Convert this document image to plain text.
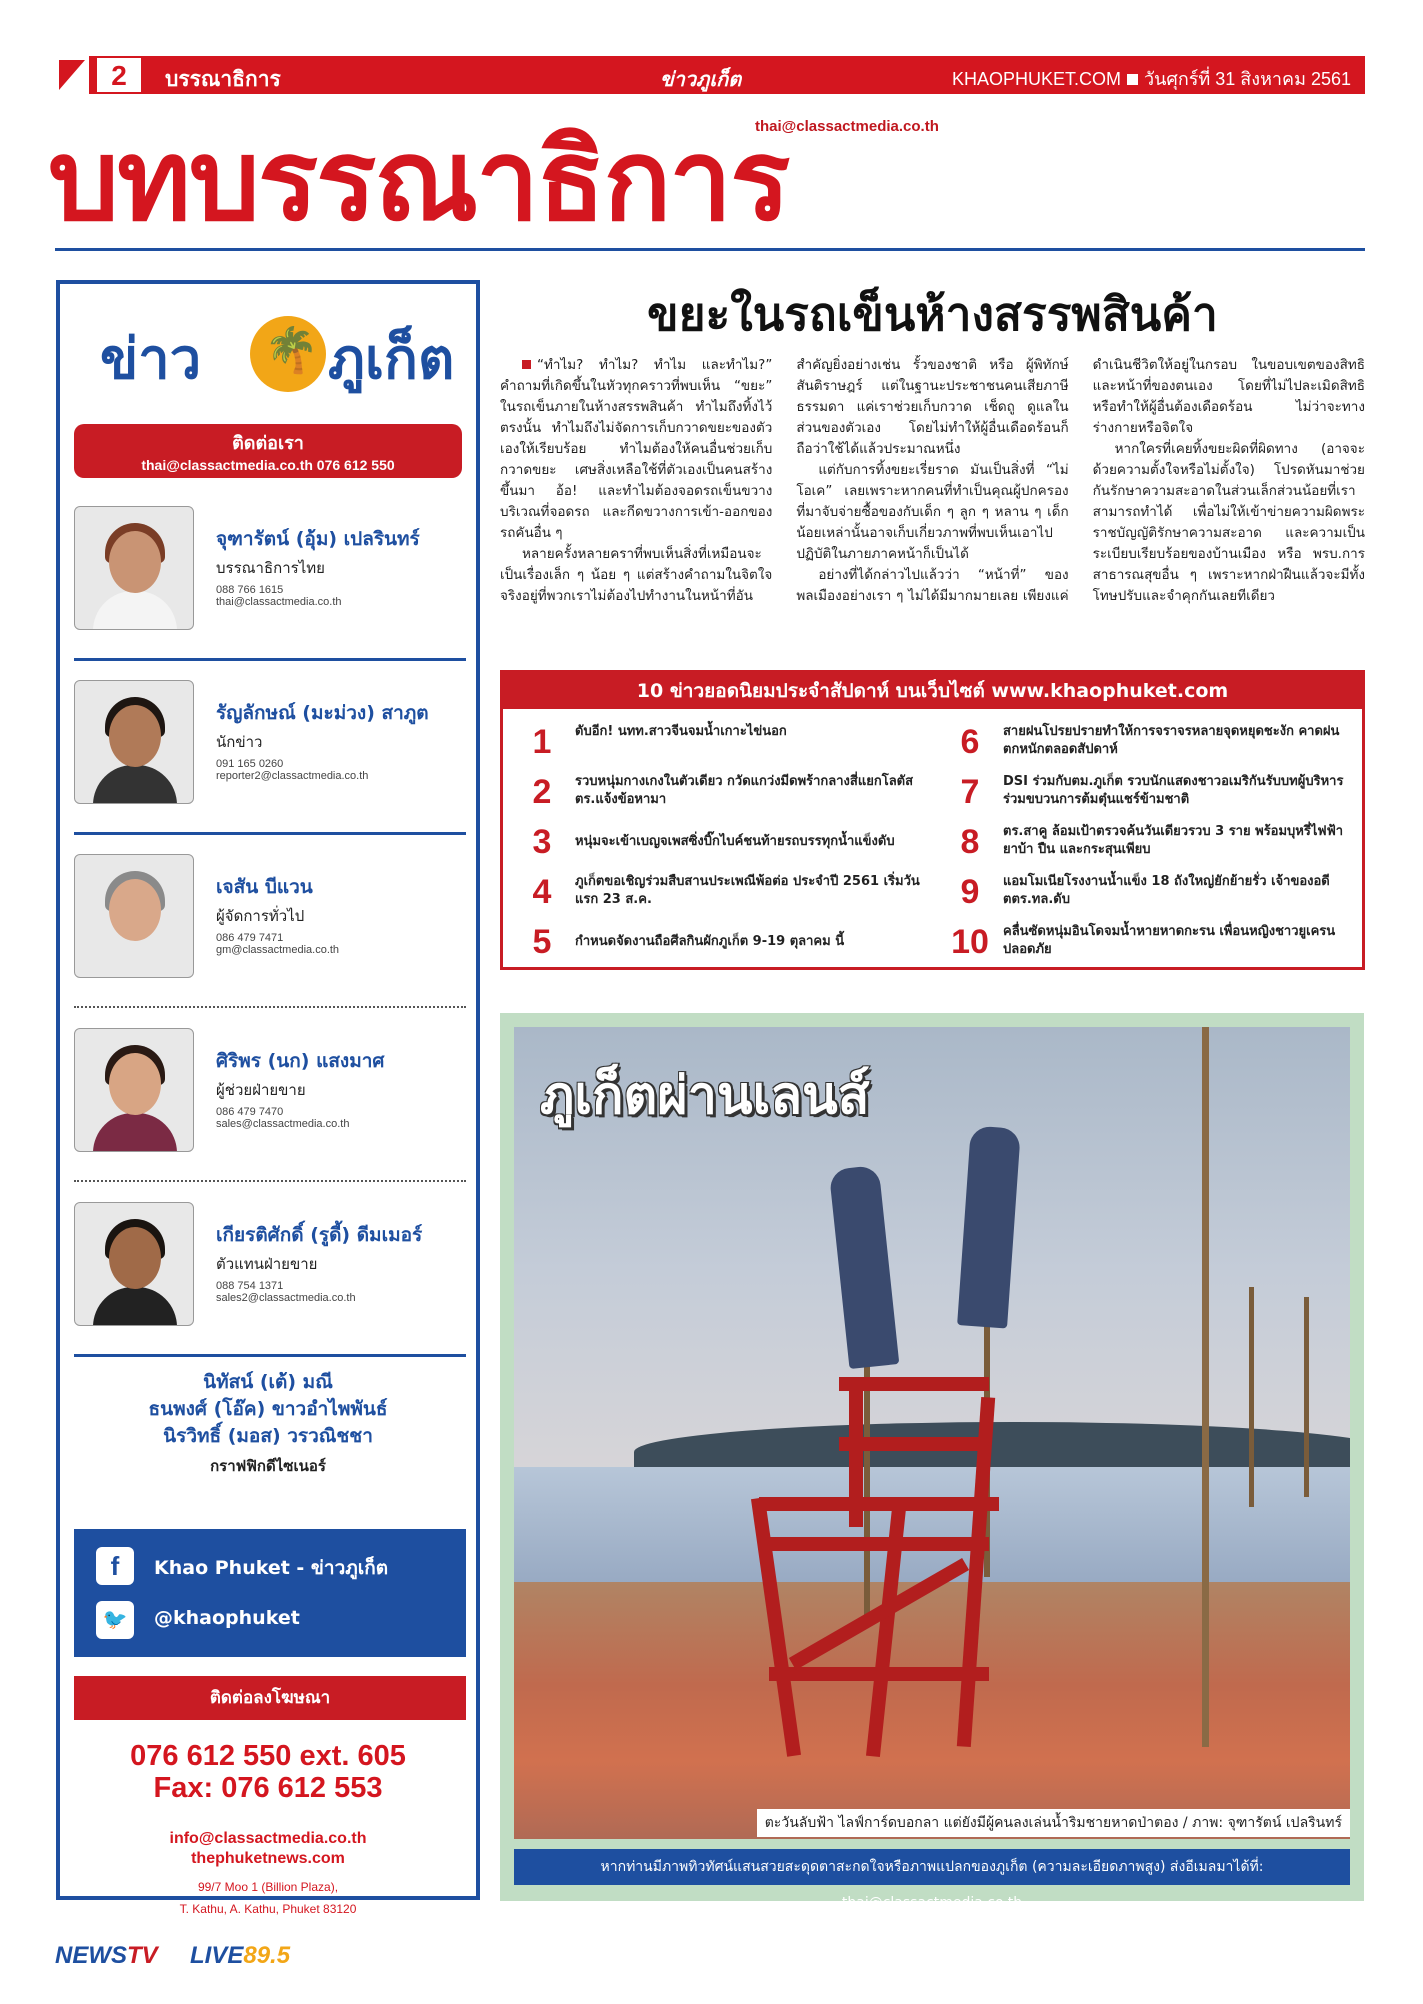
2	บรรณาธิการ	ข่าวภูเก็ต	KHAOPHUKET.COM วันศุกร์ที่ 31 สิงหาคม 2561
thai@classactmedia.co.th
บทบรรณาธิการ
ข่าว
🌴 ภูเก็ต
ติดต่อเรา
thai@classactmedia.co.th 076 612 550
จุฑารัตน์ (อุ้ม) เปลรินทร์
บรรณาธิการไทย
088 766 1615
thai@classactmedia.co.th
รัญลักษณ์ (มะม่วง) สาภูต
นักข่าว
091 165 0260
reporter2@classactmedia.co.th
เจสัน บีแวน
ผู้จัดการทั่วไป
086 479 7471
gm@classactmedia.co.th
ศิริพร (นก) แสงมาศ
ผู้ช่วยฝ่ายขาย
086 479 7470
sales@classactmedia.co.th
เกียรติศักดิ์ (รูดี้) ดีมเมอร์
ตัวแทนฝ่ายขาย
088 754 1371
sales2@classactmedia.co.th
นิทัสน์ (เต้) มณี
ธนพงศ์ (โอ๊ค) ขาวอำไพพันธ์
นิรวิทธิ์ (มอส) วรวณิชชา
กราฟฟิกดีไซเนอร์
f	Khao Phuket - ข่าวภูเก็ต
🐦	@khaophuket
ติดต่อลงโฆษณา
076 612 550 ext. 605
Fax: 076 612 553
info@classactmedia.co.th
thephuketnews.com
99/7 Moo 1 (Billion Plaza),
T. Kathu, A. Kathu, Phuket 83120
ขยะในรถเข็นห้างสรรพสินค้า

“ทำไม? ทำไม? ทำไม และทำไม?” คำถามที่เกิดขึ้นในหัวทุกคราวที่พบเห็น “ขยะ” ในรถเข็นภายในห้างสรรพสินค้า ทำไมถึงทิ้งไว้ตรงนั้น ทำไมถึงไม่จัดการเก็บกวาดขยะของตัวเองให้เรียบร้อย ทำไมต้องให้คนอื่นช่วยเก็บกวาดขยะ เศษสิ่งเหลือใช้ที่ตัวเองเป็นคนสร้างขึ้นมา อ้อ! และทำไมต้องจอดรถเข็นขวางบริเวณที่จอดรถ และกีดขวางการเข้า-ออกของรถคันอื่น ๆ

หลายครั้งหลายคราที่พบเห็นสิ่งที่เหมือนจะเป็นเรื่องเล็ก ๆ น้อย ๆ แต่สร้างคำถามในจิตใจ จริงอยู่ที่พวกเราไม่ต้องไปทำงานในหน้าที่อันสำคัญยิ่งอย่างเช่น รั้วของชาติ หรือ ผู้พิทักษ์สันติราษฎร์ แต่ในฐานะประชาชนคนเสียภาษีธรรมดา แค่เราช่วยเก็บกวาด เช็ดถู ดูแลในส่วนของตัวเอง โดยไม่ทำให้ผู้อื่นเดือดร้อนก็ถือว่าใช้ได้แล้วประมาณหนึ่ง

แต่กับการทิ้งขยะเรี่ยราด มันเป็นสิ่งที่ “ไม่โอเค” เลยเพราะหากคนที่ทำเป็นคุณผู้ปกครองที่มาจับจ่ายซื้อของกับเด็ก ๆ ลูก ๆ หลาน ๆ เด็กน้อยเหล่านั้นอาจเก็บเกี่ยวภาพที่พบเห็นเอาไปปฏิบัติในภายภาคหน้าก็เป็นได้

อย่างที่ได้กล่าวไปแล้วว่า “หน้าที่” ของพลเมืองอย่างเรา ๆ ไม่ได้มีมากมายเลย เพียงแค่ดำเนินชีวิตให้อยู่ในกรอบ ในขอบเขตของสิทธิและหน้าที่ของตนเอง โดยที่ไม่ไปละเมิดสิทธิหรือทำให้ผู้อื่นต้องเดือดร้อน ไม่ว่าจะทางร่างกายหรือจิตใจ

หากใครที่เคยทิ้งขยะผิดที่ผิดทาง (อาจจะด้วยความตั้งใจหรือไม่ตั้งใจ) โปรดหันมาช่วยกันรักษาความสะอาดในส่วนเล็กส่วนน้อยที่เราสามารถทำได้ เพื่อไม่ให้เข้าข่ายความผิดพระราชบัญญัติรักษาความสะอาด และความเป็นระเบียบเรียบร้อยของบ้านเมือง หรือ พรบ.การสาธารณสุขอื่น ๆ เพราะหากฝ่าฝืนแล้วจะมีทั้งโทษปรับและจำคุกกันเลยทีเดียว

10 ข่าวยอดนิยมประจำสัปดาห์ บนเว็บไซต์ www.khaophuket.com
1	ดับอีก! นทท.สาวจีนจมน้ำเกาะไข่นอก
2	รวบหนุ่มกางเกงในตัวเดียว กวัดแกว่งมีดพร้ากลางสี่แยกโลตัส ตร.แจ้งข้อหามา
3	หนุ่มจะเข้าเบญจเพสซิ่งบิ๊กไบค์ชนท้ายรถบรรทุกน้ำแข็งดับ
4	ภูเก็ตขอเชิญร่วมสืบสานประเพณีพ้อต่อ ประจำปี 2561 เริ่มวันแรก 23 ส.ค.
5	กำหนดจัดงานถือศีลกินผักภูเก็ต 9-19 ตุลาคม นี้
6	สายฝนโปรยปรายทำให้การจราจรหลายจุดหยุดชะงัก คาดฝนตกหนักตลอดสัปดาห์
7	DSI ร่วมกับตม.ภูเก็ต รวบนักแสดงชาวอเมริกันรับบทผู้บริหาร ร่วมขบวนการต้มตุ๋นแชร์ข้ามชาติ
8	ตร.สาคู ล้อมเป้าตรวจค้นวันเดียวรวบ 3 ราย พร้อมบุหรี่ไฟฟ้า ยาบ้า ปืน และกระสุนเพียบ
9	แอมโมเนียโรงงานน้ำแข็ง 18 ถังใหญ่ยักย้ายรั่ว เจ้าของอดีตตร.ทล.ดับ
10	คลื่นซัดหนุ่มอินโดจมน้ำหายหาดกะรน เพื่อนหญิงชาวยูเครนปลอดภัย
ภูเก็ตผ่านเลนส์
ตะวันลับฟ้า ไลฟ์การ์ดบอกลา แต่ยังมีผู้คนลงเล่นน้ำริมชายหาดป่าตอง / ภาพ: จุฑารัตน์ เปลรินทร์
หากท่านมีภาพทิวทัศน์แสนสวยสะดุดตาสะกดใจหรือภาพแปลกของภูเก็ต (ความละเอียดภาพสูง) ส่งอีเมลมาได้ที่: thai@classactmedia.co.th
NEWSTV LIVE89.5
